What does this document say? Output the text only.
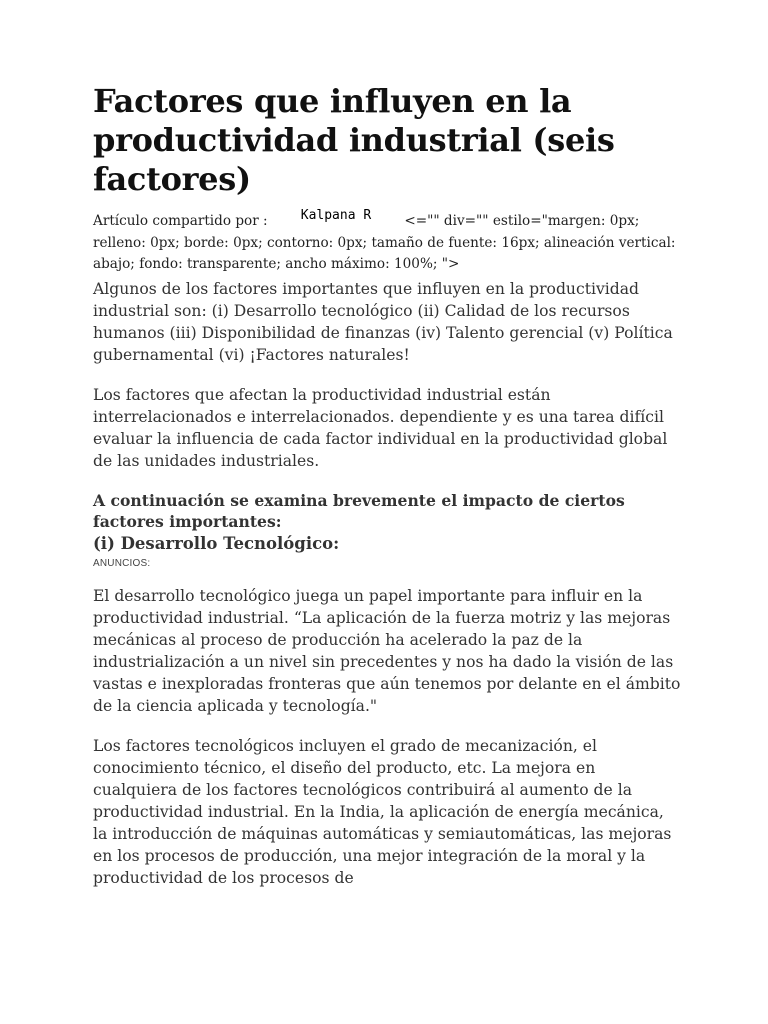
Factores que influyen en la productividad industrial (seis factores)
Artículo compartido por :	Kalpana R <="" div="" estilo="margen: 0px; relleno: 0px; borde: 0px; contorno: 0px; tamaño de fuente: 16px; alineación vertical: abajo; fondo: transparente; ancho máximo: 100%; ">

Algunos de los factores importantes que influyen en la productividad industrial son: (i) Desarrollo tecnológico (ii) Calidad de los recursos humanos (iii) Disponibilidad de finanzas (iv) Talento gerencial (v) Política gubernamental (vi) ¡Factores naturales!

Los factores que afectan la productividad industrial están interrelacionados e interrelacionados. dependiente y es una tarea difícil evaluar la influencia de cada factor individual en la productividad global de las unidades industriales.

A continuación se examina brevemente el impacto de ciertos factores importantes:

(i) Desarrollo Tecnológico:

ANUNCIOS:

El desarrollo tecnológico juega un papel importante para influir en la productividad industrial. “La aplicación de la fuerza motriz y las mejoras mecánicas al proceso de producción ha acelerado la paz de la industrialización a un nivel sin precedentes y nos ha dado la visión de las vastas e inexploradas fronteras que aún tenemos por delante en el ámbito de la ciencia aplicada y tecnología."

Los factores tecnológicos incluyen el grado de mecanización, el conocimiento técnico, el diseño del producto, etc. La mejora en cualquiera de los factores tecnológicos contribuirá al aumento de la productividad industrial. En la India, la aplicación de energía mecánica, la introducción de máquinas automáticas y semiautomáticas, las mejoras en los procesos de producción, una mejor integración de la moral y la productividad de los procesos de
